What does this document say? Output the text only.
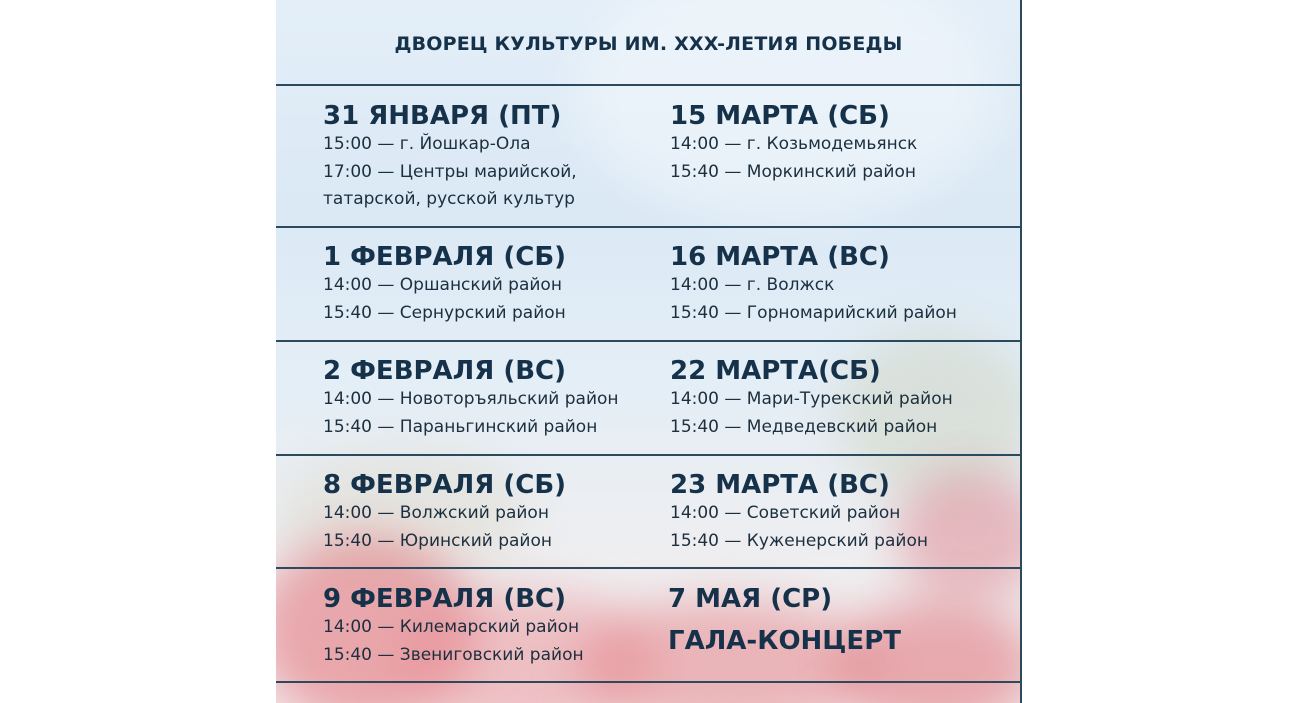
ДВОРЕЦ КУЛЬТУРЫ ИМ. XXX-ЛЕТИЯ ПОБЕДЫ
31 ЯНВАРЯ (ПТ)
15:00 — г. Йошкар-Ола
17:00 — Центры марийской,
татарской, русской культур
15 МАРТА (СБ)
14:00 — г. Козьмодемьянск
15:40 — Моркинский район
1 ФЕВРАЛЯ (СБ)
14:00 — Оршанский район
15:40 — Сернурский район
16 МАРТА (ВС)
14:00 — г. Волжск
15:40 — Горномарийский район
2 ФЕВРАЛЯ (ВС)
14:00 — Новоторъяльский район
15:40 — Параньгинский район
22 МАРТА(СБ)
14:00 — Мари-Турекский район
15:40 — Медведевский район
8 ФЕВРАЛЯ (СБ)
14:00 — Волжский район
15:40 — Юринский район
23 МАРТА (ВС)
14:00 — Советский район
15:40 — Куженерский район
9 ФЕВРАЛЯ (ВС)
14:00 — Килемарский район
15:40 — Звениговский район
7 МАЯ (СР)
ГАЛА-КОНЦЕРТ
